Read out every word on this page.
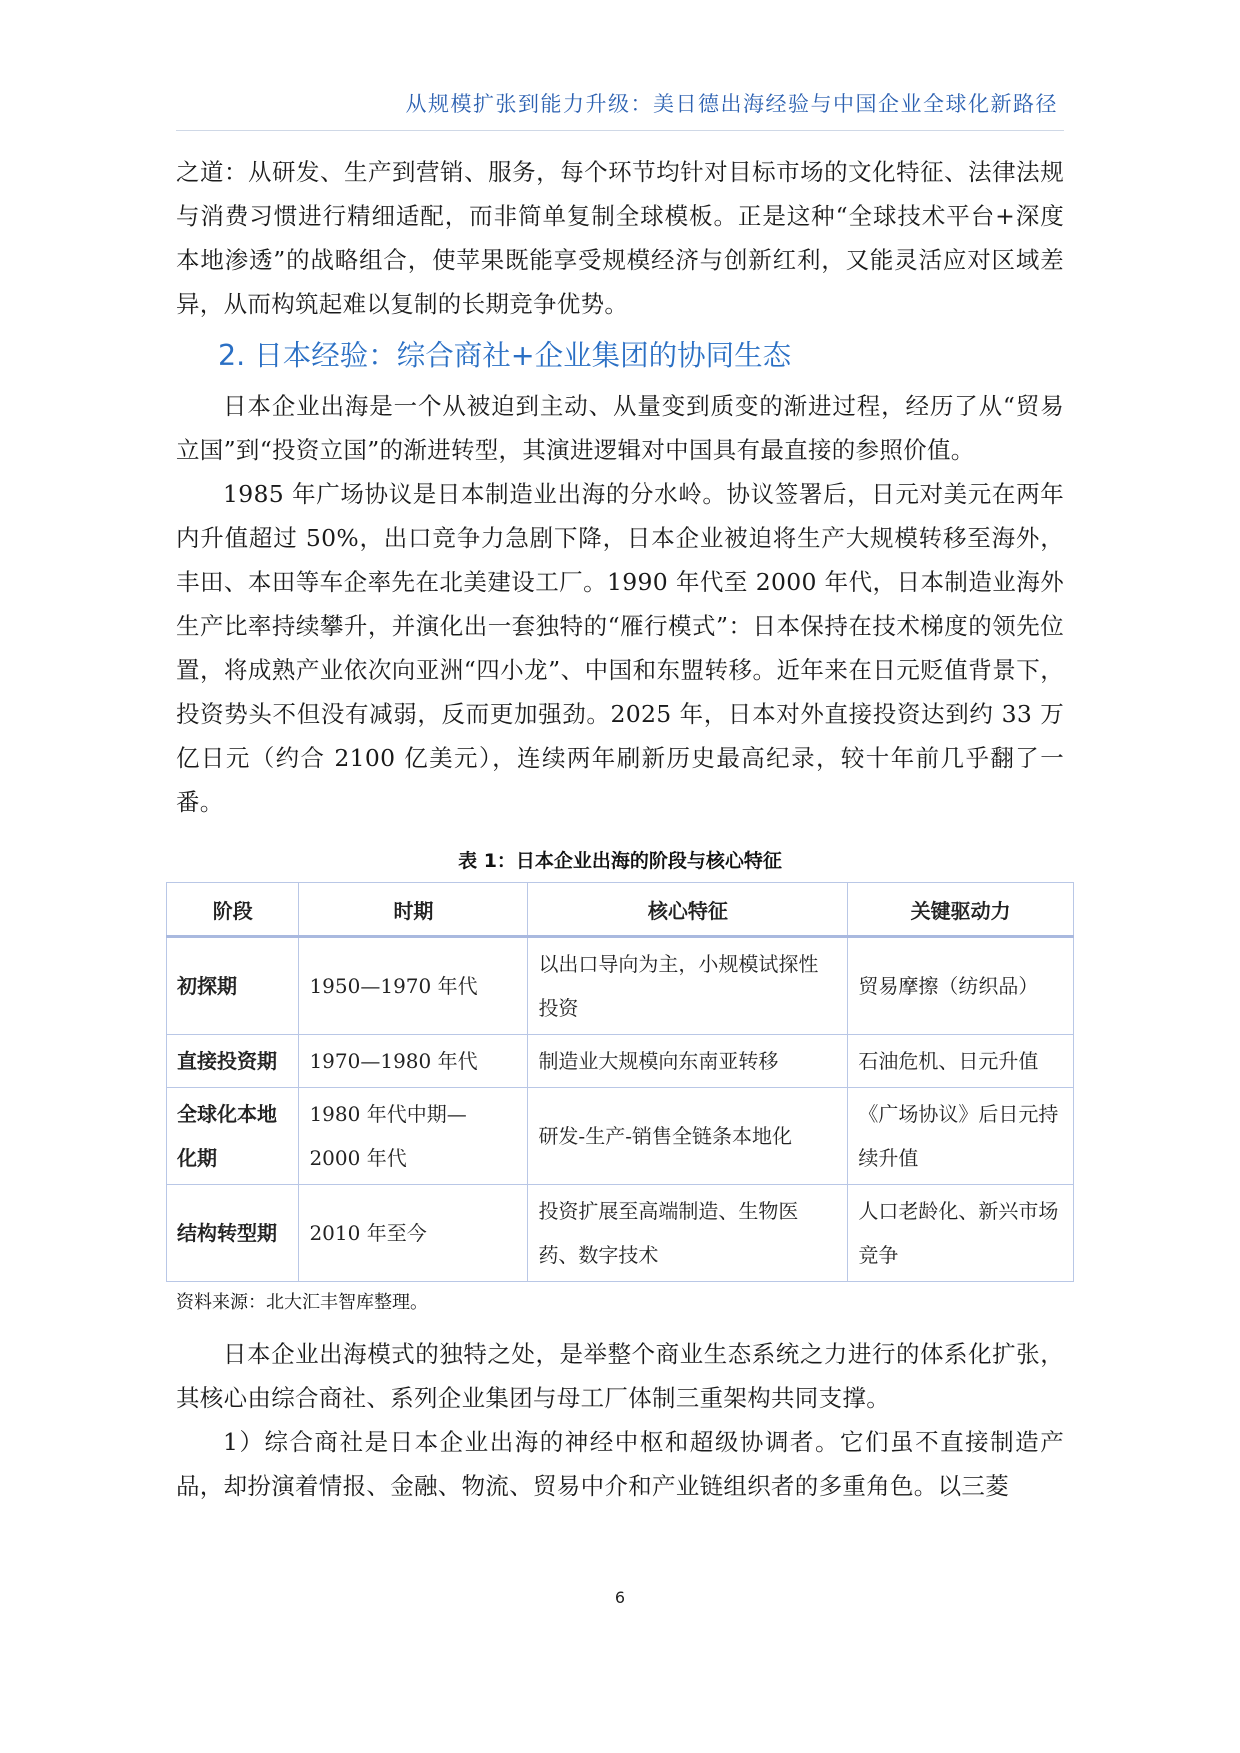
从规模扩张到能力升级：美日德出海经验与中国企业全球化新路径

之道：从研发、生产到营销、服务，每个环节均针对目标市场的文化特征、法律法规与消费习惯进行精细适配，而非简单复制全球模板。正是这种“全球技术平台+深度本地渗透”的战略组合，使苹果既能享受规模经济与创新红利，又能灵活应对区域差异，从而构筑起难以复制的长期竞争优势。

2. 日本经验：综合商社+企业集团的协同生态

日本企业出海是一个从被迫到主动、从量变到质变的渐进过程，经历了从“贸易立国”到“投资立国”的渐进转型，其演进逻辑对中国具有最直接的参照价值。

1985 年广场协议是日本制造业出海的分水岭。协议签署后，日元对美元在两年内升值超过 50%，出口竞争力急剧下降，日本企业被迫将生产大规模转移至海外，丰田、本田等车企率先在北美建设工厂。1990 年代至 2000 年代，日本制造业海外生产比率持续攀升，并演化出一套独特的“雁行模式”：日本保持在技术梯度的领先位置，将成熟产业依次向亚洲“四小龙”、中国和东盟转移。近年来在日元贬值背景下，投资势头不但没有减弱，反而更加强劲。2025 年，日本对外直接投资达到约 33 万亿日元（约合 2100 亿美元），连续两年刷新历史最高纪录，较十年前几乎翻了一番。

表 1：日本企业出海的阶段与核心特征
阶段	时期	核心特征	关键驱动力
初探期	1950—1970 年代	以出口导向为主，小规模试探性投资	贸易摩擦（纺织品）
直接投资期	1970—1980 年代	制造业大规模向东南亚转移	石油危机、日元升值
全球化本地化期	1980 年代中期—2000 年代	研发-生产-销售全链条本地化	《广场协议》后日元持续升值
结构转型期	2010 年至今	投资扩展至高端制造、生物医药、数字技术	人口老龄化、新兴市场竞争
资料来源：北大汇丰智库整理。

日本企业出海模式的独特之处，是举整个商业生态系统之力进行的体系化扩张，其核心由综合商社、系列企业集团与母工厂体制三重架构共同支撑。

1）综合商社是日本企业出海的神经中枢和超级协调者。它们虽不直接制造产品，却扮演着情报、金融、物流、贸易中介和产业链组织者的多重角色。以三菱

6
